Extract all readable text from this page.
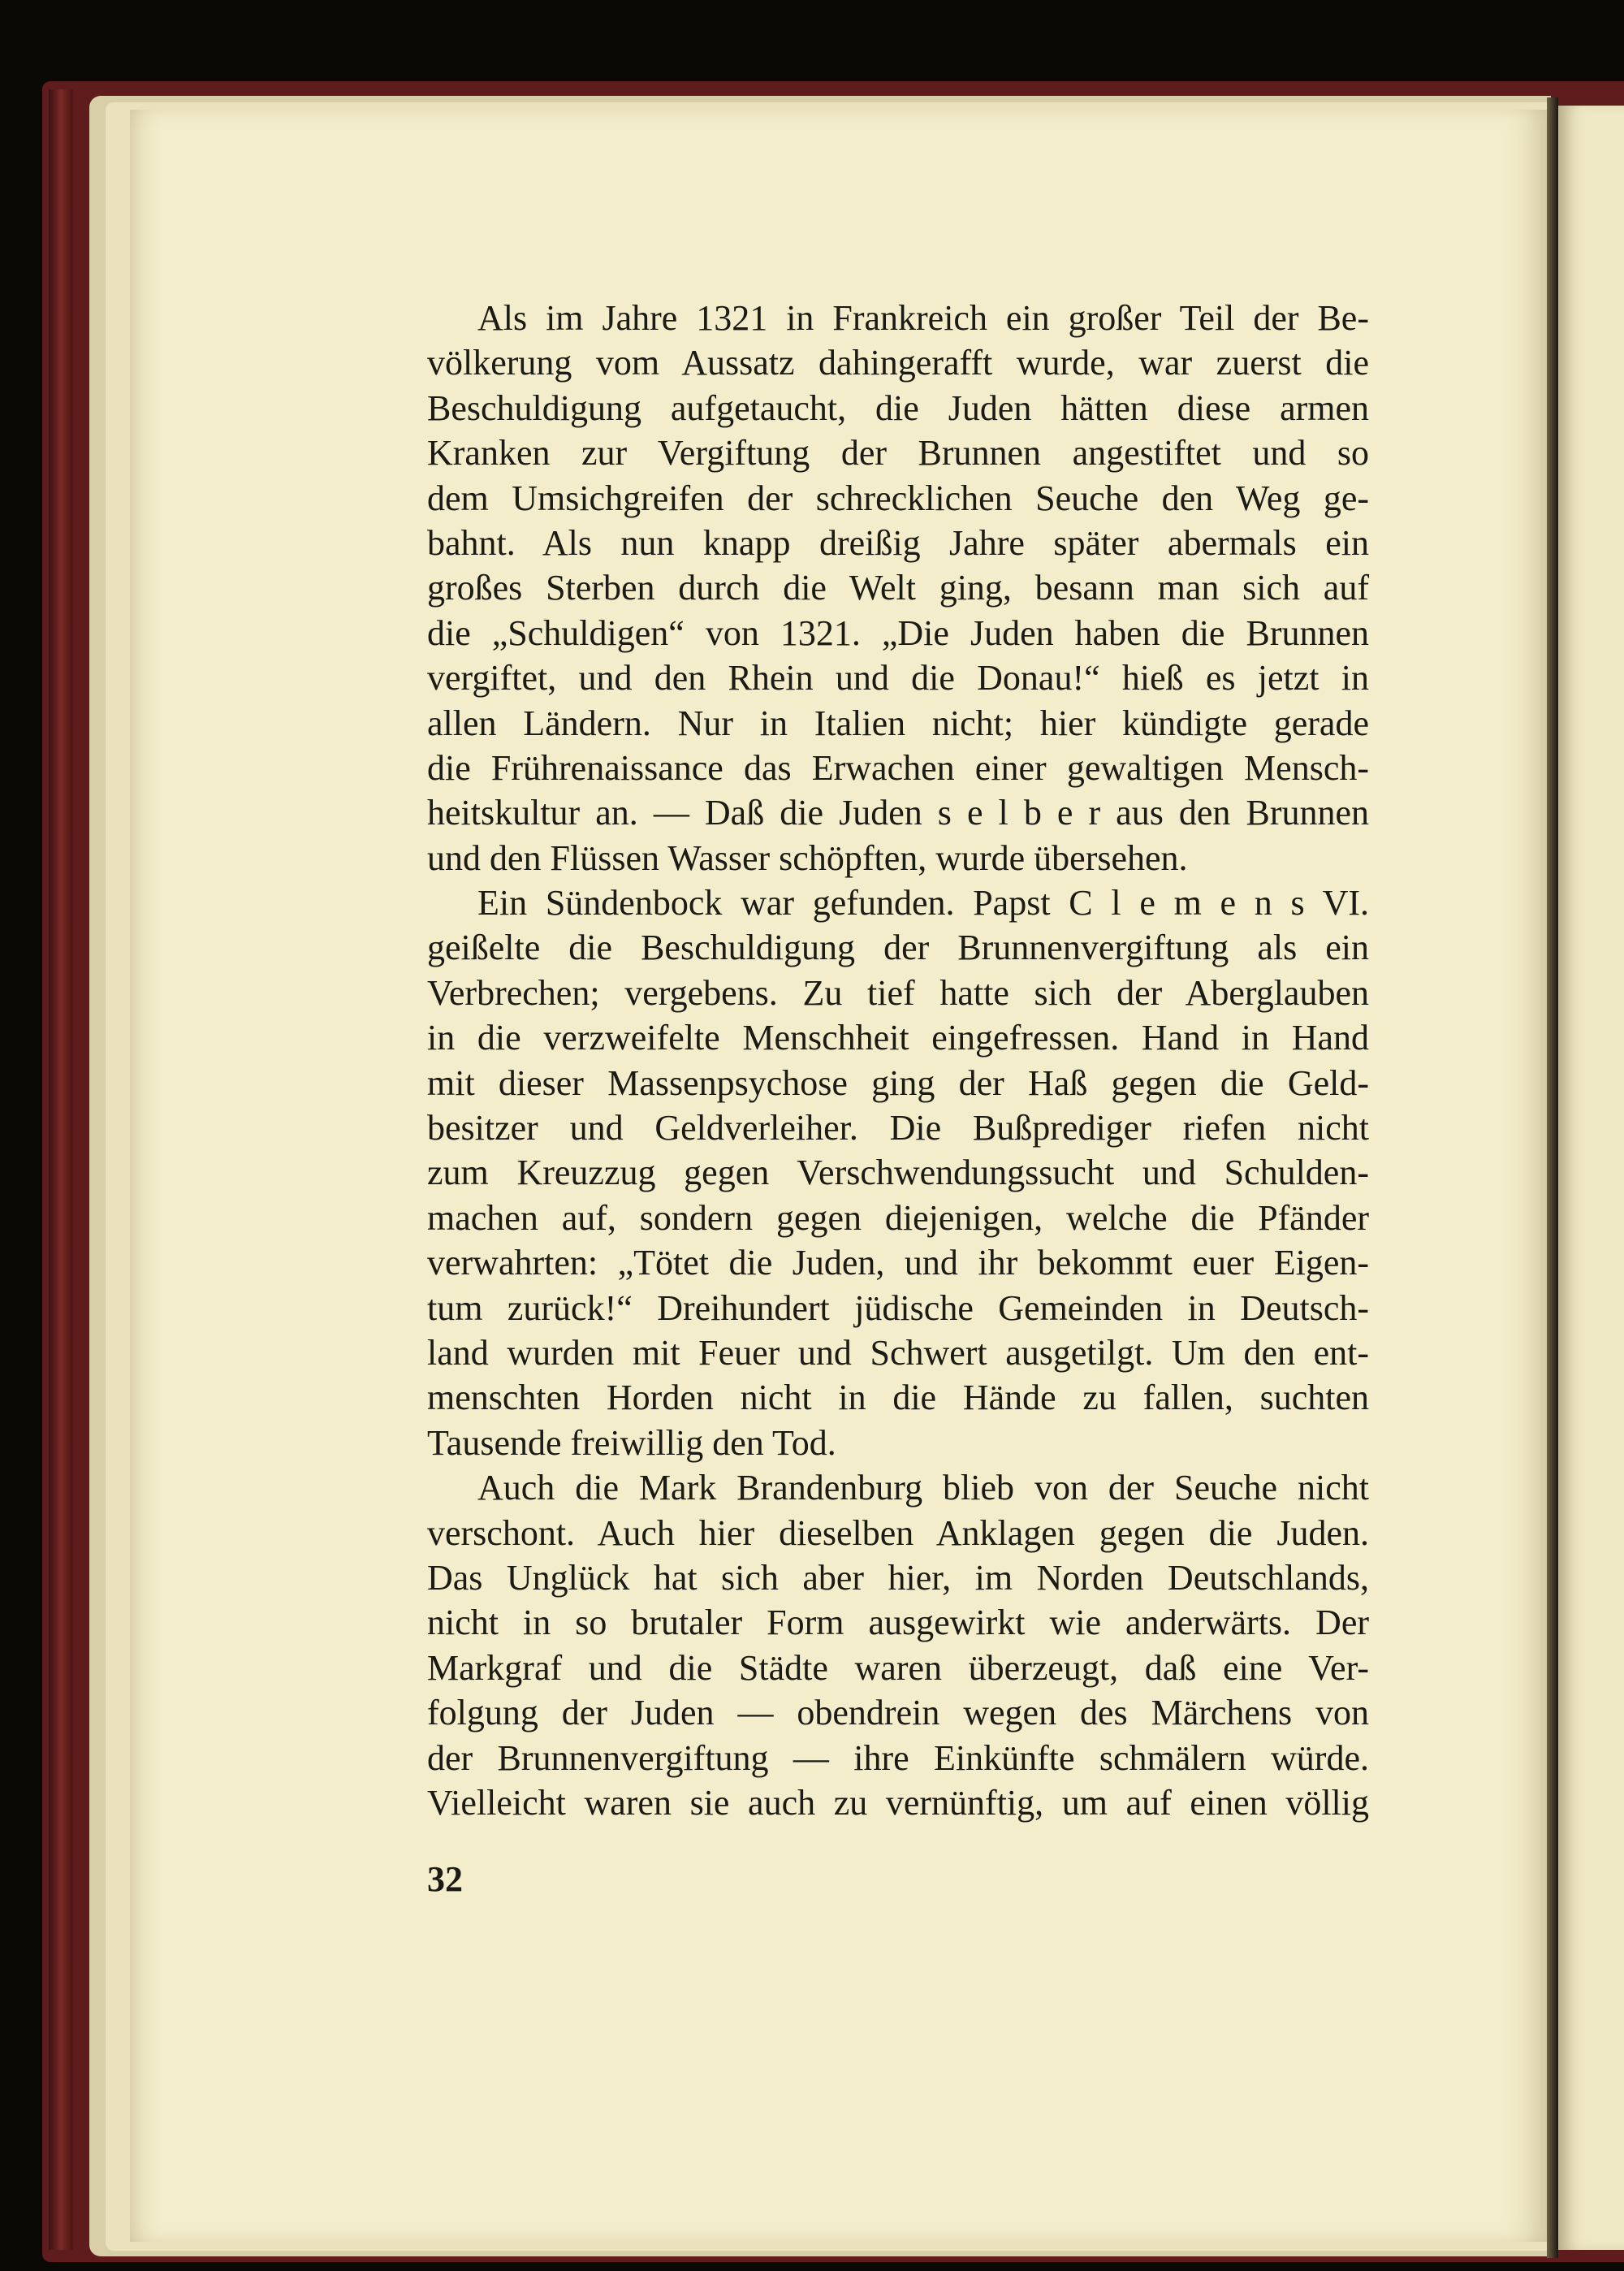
Als im Jahre 1321 in Frankreich ein großer Teil der Be-
völkerung vom Aussatz dahingerafft wurde, war zuerst die
Beschuldigung aufgetaucht, die Juden hätten diese armen
Kranken zur Vergiftung der Brunnen angestiftet und so
dem Umsichgreifen der schrecklichen Seuche den Weg ge-
bahnt. Als nun knapp dreißig Jahre später abermals ein
großes Sterben durch die Welt ging, besann man sich auf
die „Schuldigen“ von 1321. „Die Juden haben die Brunnen
vergiftet, und den Rhein und die Donau!“ hieß es jetzt in
allen Ländern. Nur in Italien nicht; hier kündigte gerade
die Frührenaissance das Erwachen einer gewaltigen Mensch-
heitskultur an. — Daß die Juden s e l b e r aus den Brunnen
und den Flüssen Wasser schöpften, wurde übersehen.
Ein Sündenbock war gefunden. Papst C l e m e n s VI.
geißelte die Beschuldigung der Brunnenvergiftung als ein
Verbrechen; vergebens. Zu tief hatte sich der Aberglauben
in die verzweifelte Menschheit eingefressen. Hand in Hand
mit dieser Massenpsychose ging der Haß gegen die Geld-
besitzer und Geldverleiher. Die Bußprediger riefen nicht
zum Kreuzzug gegen Verschwendungssucht und Schulden-
machen auf, sondern gegen diejenigen, welche die Pfänder
verwahrten: „Tötet die Juden, und ihr bekommt euer Eigen-
tum zurück!“ Dreihundert jüdische Gemeinden in Deutsch-
land wurden mit Feuer und Schwert ausgetilgt. Um den ent-
menschten Horden nicht in die Hände zu fallen, suchten
Tausende freiwillig den Tod.
Auch die Mark Brandenburg blieb von der Seuche nicht
verschont. Auch hier dieselben Anklagen gegen die Juden.
Das Unglück hat sich aber hier, im Norden Deutschlands,
nicht in so brutaler Form ausgewirkt wie anderwärts. Der
Markgraf und die Städte waren überzeugt, daß eine Ver-
folgung der Juden — obendrein wegen des Märchens von
der Brunnenvergiftung — ihre Einkünfte schmälern würde.
Vielleicht waren sie auch zu vernünftig, um auf einen völlig
32
